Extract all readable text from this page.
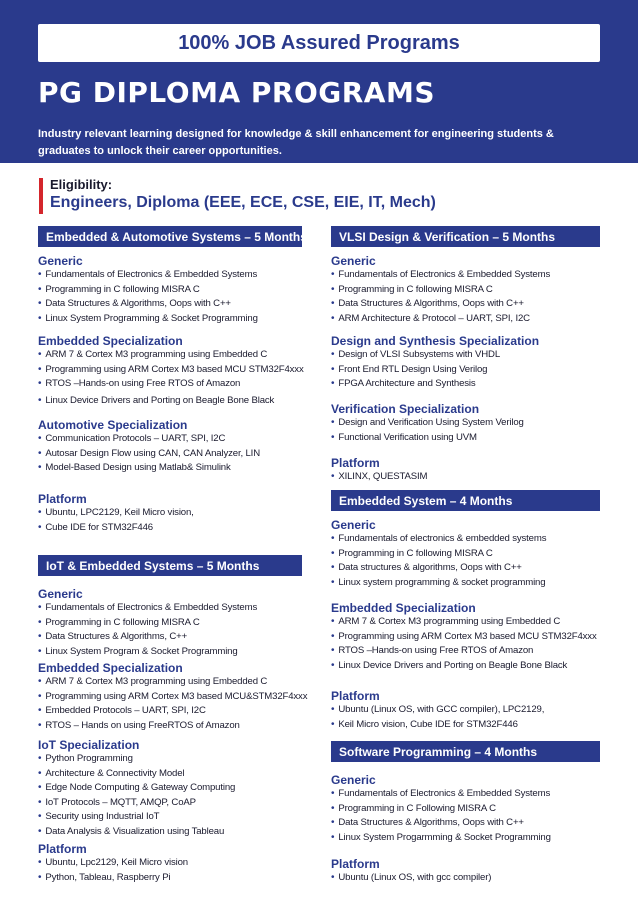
100% JOB Assured Programs
PG DIPLOMA PROGRAMS
Industry relevant learning designed for knowledge & skill enhancement for engineering students & graduates to unlock their career opportunities.
Eligibility:
Engineers, Diploma (EEE, ECE, CSE, EIE, IT, Mech)
Embedded & Automotive Systems – 5 Months
Generic
• Fundamentals of Electronics & Embedded Systems
• Programming in C following MISRA C
• Data Structures & Algorithms, Oops with C++
• Linux System Programming & Socket Programming
Embedded Specialization
• ARM 7 & Cortex M3 programming using Embedded C
• Programming using ARM Cortex M3 based MCU STM32F4xxx
• RTOS –Hands-on using Free RTOS of Amazon
• Linux Device Drivers and Porting on Beagle Bone Black
Automotive Specialization
• Communication Protocols – UART, SPI, I2C
• Autosar Design Flow using CAN, CAN Analyzer, LIN
• Model-Based Design using Matlab& Simulink
Platform
• Ubuntu, LPC2129, Keil Micro vision,
• Cube IDE for STM32F446
IoT & Embedded Systems – 5 Months
Generic
• Fundamentals of Electronics & Embedded Systems
• Programming in C following MISRA C
• Data Structures & Algorithms, C++
• Linux System Program & Socket Programming
Embedded Specialization
• ARM 7 & Cortex M3 programming using Embedded C
• Programming using ARM Cortex M3 based MCU&STM32F4xxx
• Embedded Protocols – UART, SPI, I2C
• RTOS – Hands on using FreeRTOS of Amazon
IoT Specialization
• Python Programming
• Architecture & Connectivity Model
• Edge Node Computing & Gateway Computing
• IoT Protocols – MQTT, AMQP, CoAP
• Security using Industrial IoT
• Data Analysis & Visualization using Tableau
Platform
• Ubuntu, Lpc2129, Keil Micro vision
• Python, Tableau, Raspberry Pi
VLSI Design & Verification – 5 Months
Generic
• Fundamentals of Electronics & Embedded Systems
• Programming in C following MISRA C
• Data Structures & Algorithms, Oops with C++
• ARM Architecture & Protocol – UART, SPI, I2C
Design and Synthesis Specialization
• Design of VLSI Subsystems with VHDL
• Front End RTL Design Using Verilog
• FPGA Architecture and Synthesis
Verification Specialization
• Design and Verification Using System Verilog
• Functional Verification using UVM
Platform
• XILINX, QUESTASIM
Embedded System – 4 Months
Generic
• Fundamentals of electronics & embedded systems
• Programming in C following MISRA C
• Data structures & algorithms, Oops with C++
• Linux system programming & socket programming
Embedded Specialization
• ARM 7 & Cortex M3 programming using Embedded C
• Programming using ARM Cortex M3 based MCU STM32F4xxx
• RTOS –Hands-on using Free RTOS of Amazon
• Linux Device Drivers and Porting on Beagle Bone Black
Platform
• Ubuntu (Linux OS, with GCC compiler), LPC2129,
• Keil Micro vision, Cube IDE for STM32F446
Software Programming – 4 Months
Generic
• Fundamentals of Electronics & Embedded Systems
• Programming in C Following MISRA C
• Data Structures & Algorithms, Oops with C++
• Linux System Progarmming & Socket Programming
Platform
• Ubuntu (Linux OS, with gcc compiler)
